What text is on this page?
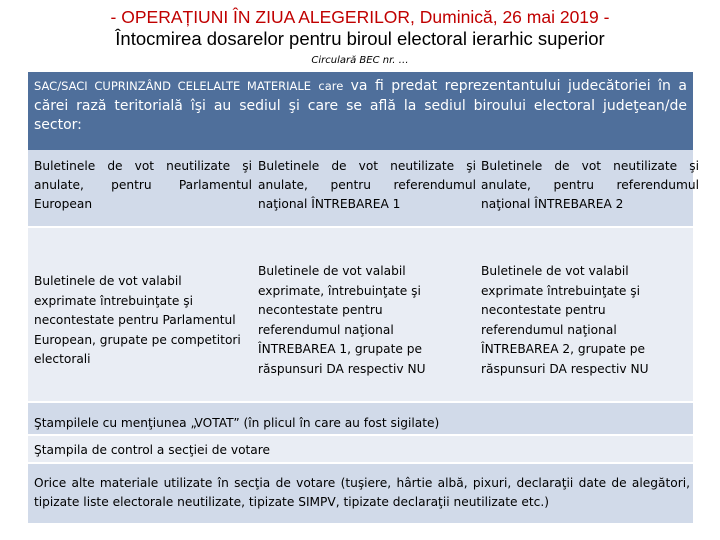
- OPERAȚIUNI ÎN ZIUA ALEGERILOR, Duminică, 26 mai 2019 -
Întocmirea dosarelor pentru biroul electoral ierarhic superior
Circulară BEC nr. …
SAC/SACI CUPRINZÂND CELELALTE MATERIALE care va fi predat reprezentantului judecătoriei în a cărei rază teritorială îşi au sediul şi care se află la sediul biroului electoral judeţean/de sector:
Buletinele de vot neutilizate şi anulate, pentru Parlamentul European
Buletinele de vot neutilizate şi anulate, pentru referendumul naţional ÎNTREBAREA 1
Buletinele de vot neutilizate şi anulate, pentru referendumul naţional ÎNTREBAREA 2
Buletinele de vot valabil exprimate întrebuinţate şi necontestate pentru Parlamentul European, grupate pe competitori electorali
Buletinele de vot valabil exprimate, întrebuinţate şi necontestate pentru referendumul naţional ÎNTREBAREA 1, grupate pe răspunsuri DA respectiv NU
Buletinele de vot valabil exprimate întrebuinţate şi necontestate pentru referendumul naţional ÎNTREBAREA 2, grupate pe răspunsuri DA respectiv NU
Ştampilele cu menţiunea „VOTAT” (în plicul în care au fost sigilate)
Ştampila de control a secţiei de votare
Orice alte materiale utilizate în secţia de votare (tuşiere, hârtie albă, pixuri, declaraţii date de alegători, tipizate liste electorale neutilizate, tipizate SIMPV, tipizate declaraţii neutilizate etc.)
